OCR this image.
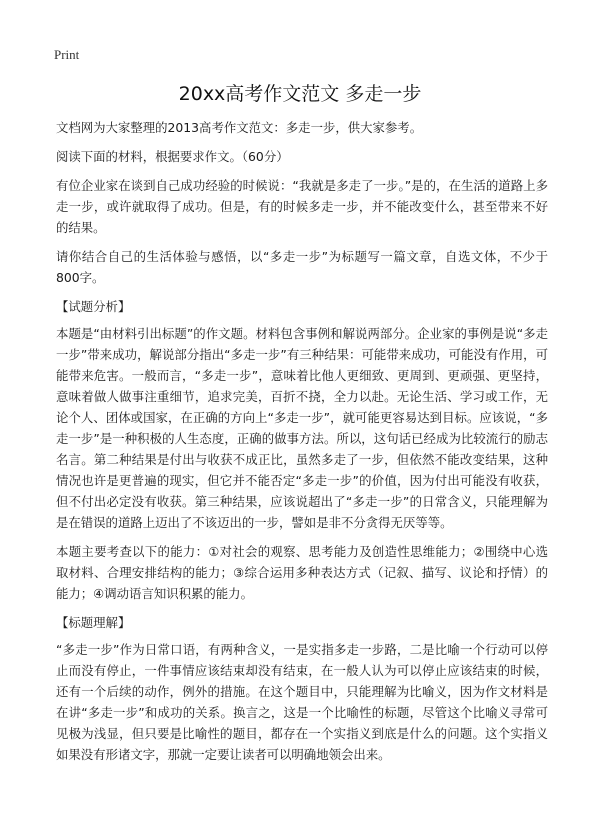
Print
20xx高考作文范文 多走一步

文档网为大家整理的2013高考作文范文：多走一步，供大家参考。

阅读下面的材料，根据要求作文。（60分）

有位企业家在谈到自己成功经验的时候说：“我就是多走了一步。”是的，在生活的道路上多走一步，或许就取得了成功。但是，有的时候多走一步，并不能改变什么，甚至带来不好的结果。

请你结合自己的生活体验与感悟，以“多走一步”为标题写一篇文章，自选文体，不少于800字。

【试题分析】

本题是“由材料引出标题”的作文题。材料包含事例和解说两部分。企业家的事例是说“多走一步”带来成功，解说部分指出“多走一步”有三种结果：可能带来成功，可能没有作用，可能带来危害。一般而言，“多走一步”，意味着比他人更细致、更周到、更顽强、更坚持，意味着做人做事注重细节，追求完美，百折不挠，全力以赴。无论生活、学习或工作，无论个人、团体或国家，在正确的方向上“多走一步”，就可能更容易达到目标。应该说，“多走一步”是一种积极的人生态度，正确的做事方法。所以，这句话已经成为比较流行的励志名言。第二种结果是付出与收获不成正比，虽然多走了一步，但依然不能改变结果，这种情况也许是更普遍的现实，但它并不能否定“多走一步”的价值，因为付出可能没有收获，但不付出必定没有收获。第三种结果，应该说超出了“多走一步”的日常含义，只能理解为是在错误的道路上迈出了不该迈出的一步，譬如是非不分贪得无厌等等。

本题主要考查以下的能力：①对社会的观察、思考能力及创造性思维能力；②围绕中心选取材料、合理安排结构的能力；③综合运用多种表达方式（记叙、描写、议论和抒情）的能力；④调动语言知识积累的能力。

【标题理解】

“多走一步”作为日常口语，有两种含义，一是实指多走一步路，二是比喻一个行动可以停止而没有停止，一件事情应该结束却没有结束，在一般人认为可以停止应该结束的时候，还有一个后续的动作，例外的措施。在这个题目中，只能理解为比喻义，因为作文材料是在讲“多走一步”和成功的关系。换言之，这是一个比喻性的标题，尽管这个比喻义寻常可见极为浅显，但只要是比喻性的题目，都存在一个实指义到底是什么的问题。这个实指义如果没有形诸文字，那就一定要让读者可以明确地领会出来。
